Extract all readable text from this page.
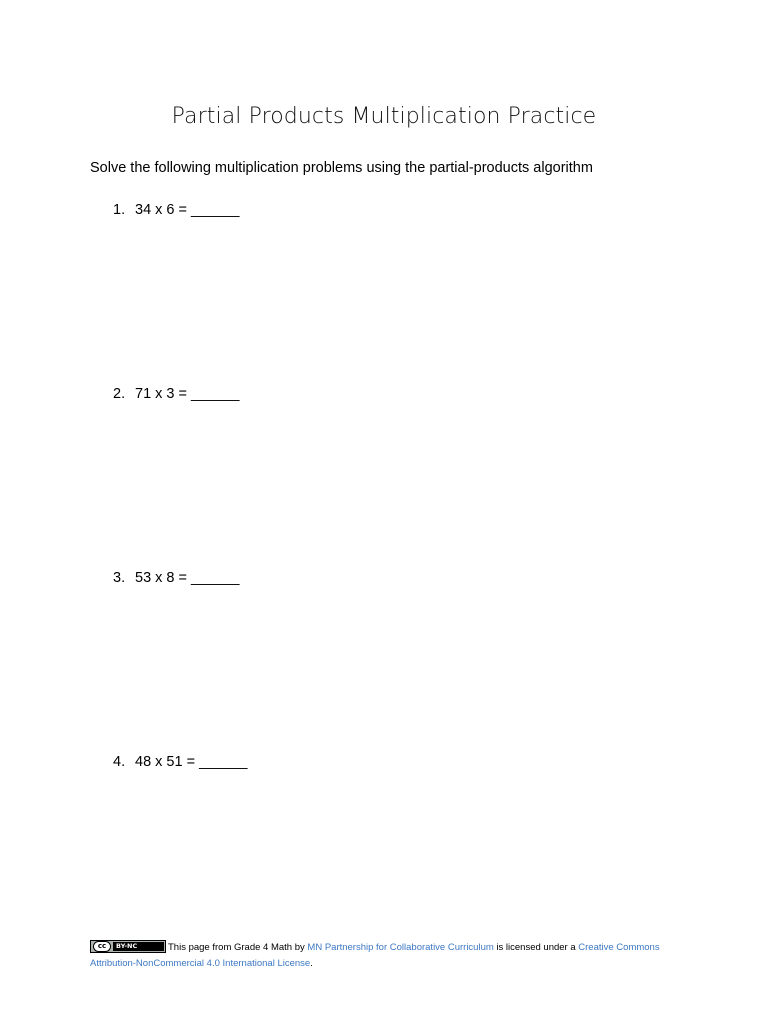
Partial Products Multiplication Practice
Solve the following multiplication problems using the partial-products algorithm
1. 34 x 6 = ______
2. 71 x 3 = ______
3. 53 x 8 = ______
4. 48 x 51 = ______
cc	BY-NC	This page from Grade 4 Math by MN Partnership for Collaborative Curriculum is licensed under a Creative Commons Attribution-NonCommercial 4.0 International License.
